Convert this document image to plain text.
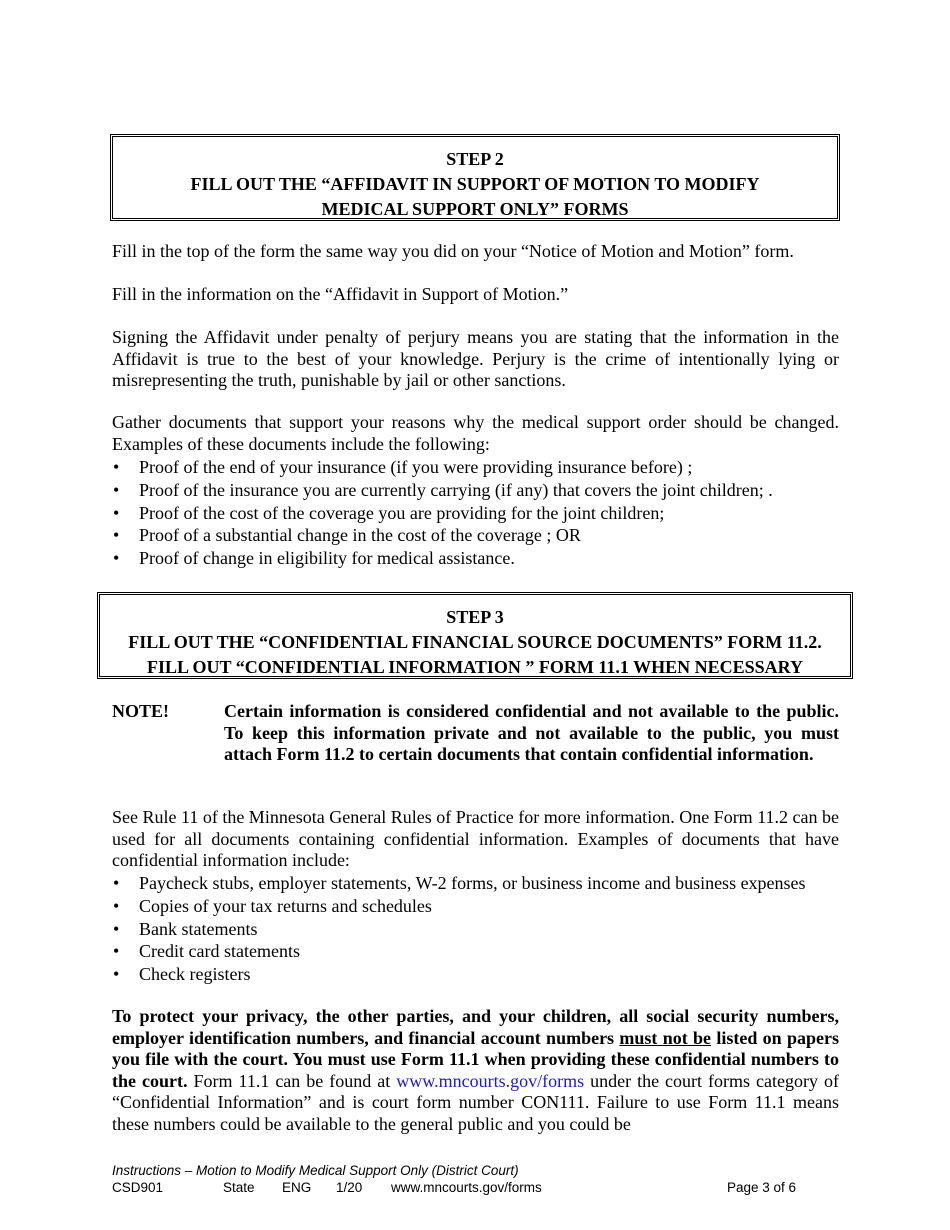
STEP 2
FILL OUT THE “AFFIDAVIT IN SUPPORT OF MOTION TO MODIFY
MEDICAL SUPPORT ONLY” FORMS
Fill in the top of the form the same way you did on your “Notice of Motion and Motion” form.
Fill in the information on the “Affidavit in Support of Motion.”
Signing the Affidavit under penalty of perjury means you are stating that the information in the Affidavit is true to the best of your knowledge. Perjury is the crime of intentionally lying or misrepresenting the truth, punishable by jail or other sanctions.
Gather documents that support your reasons why the medical support order should be changed. Examples of these documents include the following:
• Proof of the end of your insurance (if you were providing insurance before) ;
• Proof of the insurance you are currently carrying (if any) that covers the joint children; .
• Proof of the cost of the coverage you are providing for the joint children;
• Proof of a substantial change in the cost of the coverage ; OR
• Proof of change in eligibility for medical assistance.
STEP 3
FILL OUT THE “CONFIDENTIAL FINANCIAL SOURCE DOCUMENTS” FORM 11.2.
FILL OUT “CONFIDENTIAL INFORMATION ” FORM 11.1 WHEN NECESSARY
NOTE!	Certain information is considered confidential and not available to the public. To keep this information private and not available to the public, you must attach Form 11.2 to certain documents that contain confidential information.
See Rule 11 of the Minnesota General Rules of Practice for more information. One Form 11.2 can be used for all documents containing confidential information. Examples of documents that have confidential information include:
• Paycheck stubs, employer statements, W-2 forms, or business income and business expenses
• Copies of your tax returns and schedules
• Bank statements
• Credit card statements
• Check registers
To protect your privacy, the other parties, and your children, all social security numbers, employer identification numbers, and financial account numbers must not be listed on papers you file with the court. You must use Form 11.1 when providing these confidential numbers to the court. Form 11.1 can be found at www.mncourts.gov/forms under the court forms category of “Confidential Information” and is court form number CON111. Failure to use Form 11.1 means these numbers could be available to the general public and you could be
Instructions – Motion to Modify Medical Support Only (District Court)
CSD901	State ENG 1/20 www.mncourts.gov/forms	Page 3 of 6
